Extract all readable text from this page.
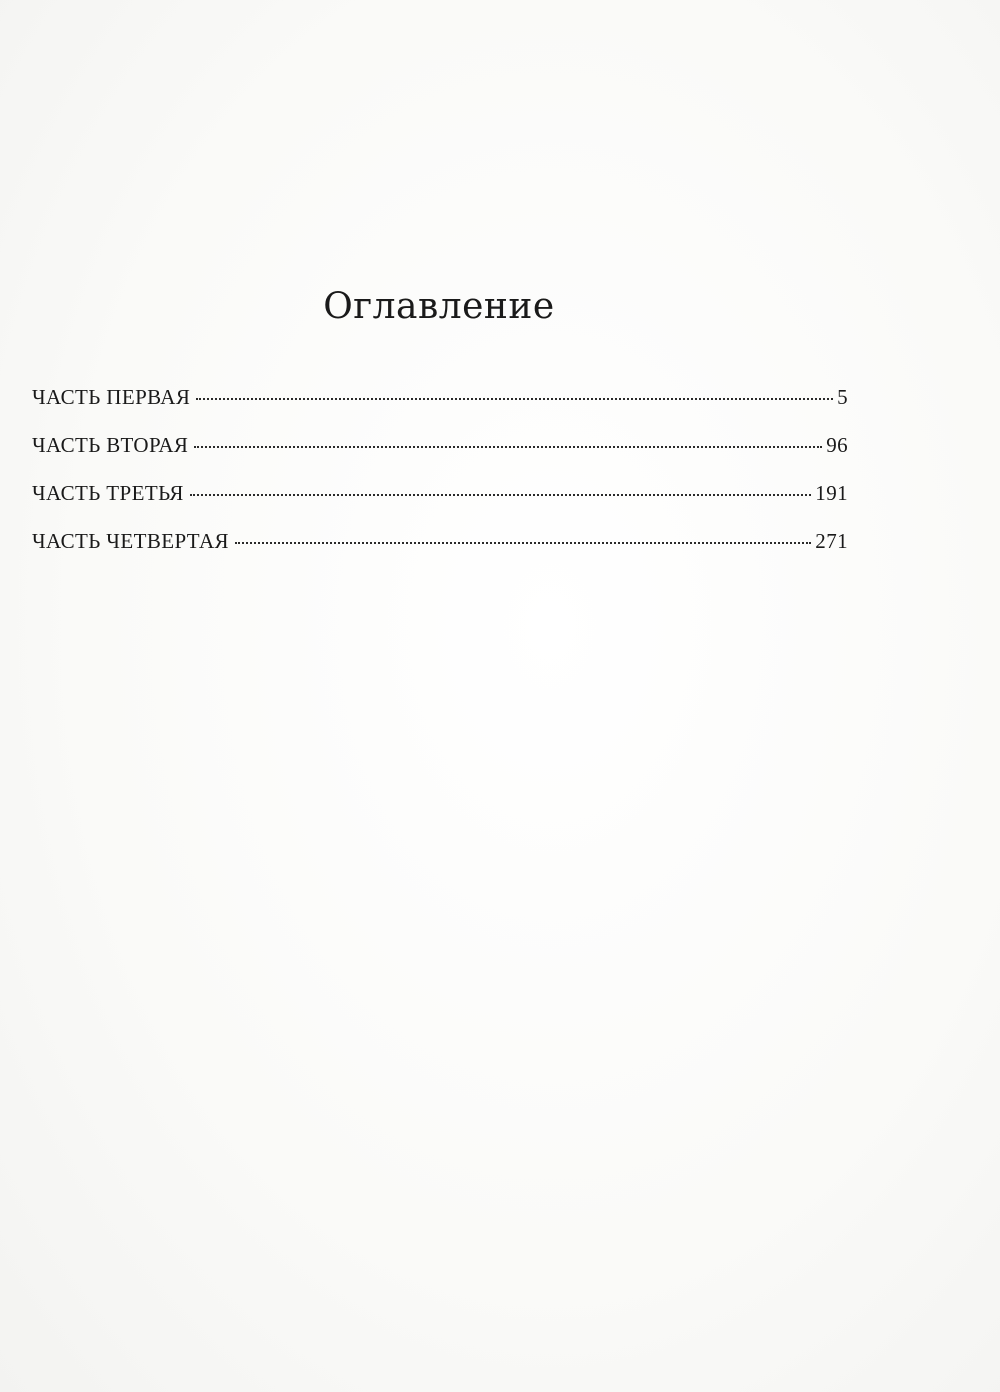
Оглавление
ЧАСТЬ ПЕРВАЯ	5
ЧАСТЬ ВТОРАЯ	96
ЧАСТЬ ТРЕТЬЯ	191
ЧАСТЬ ЧЕТВЕРТАЯ	271
